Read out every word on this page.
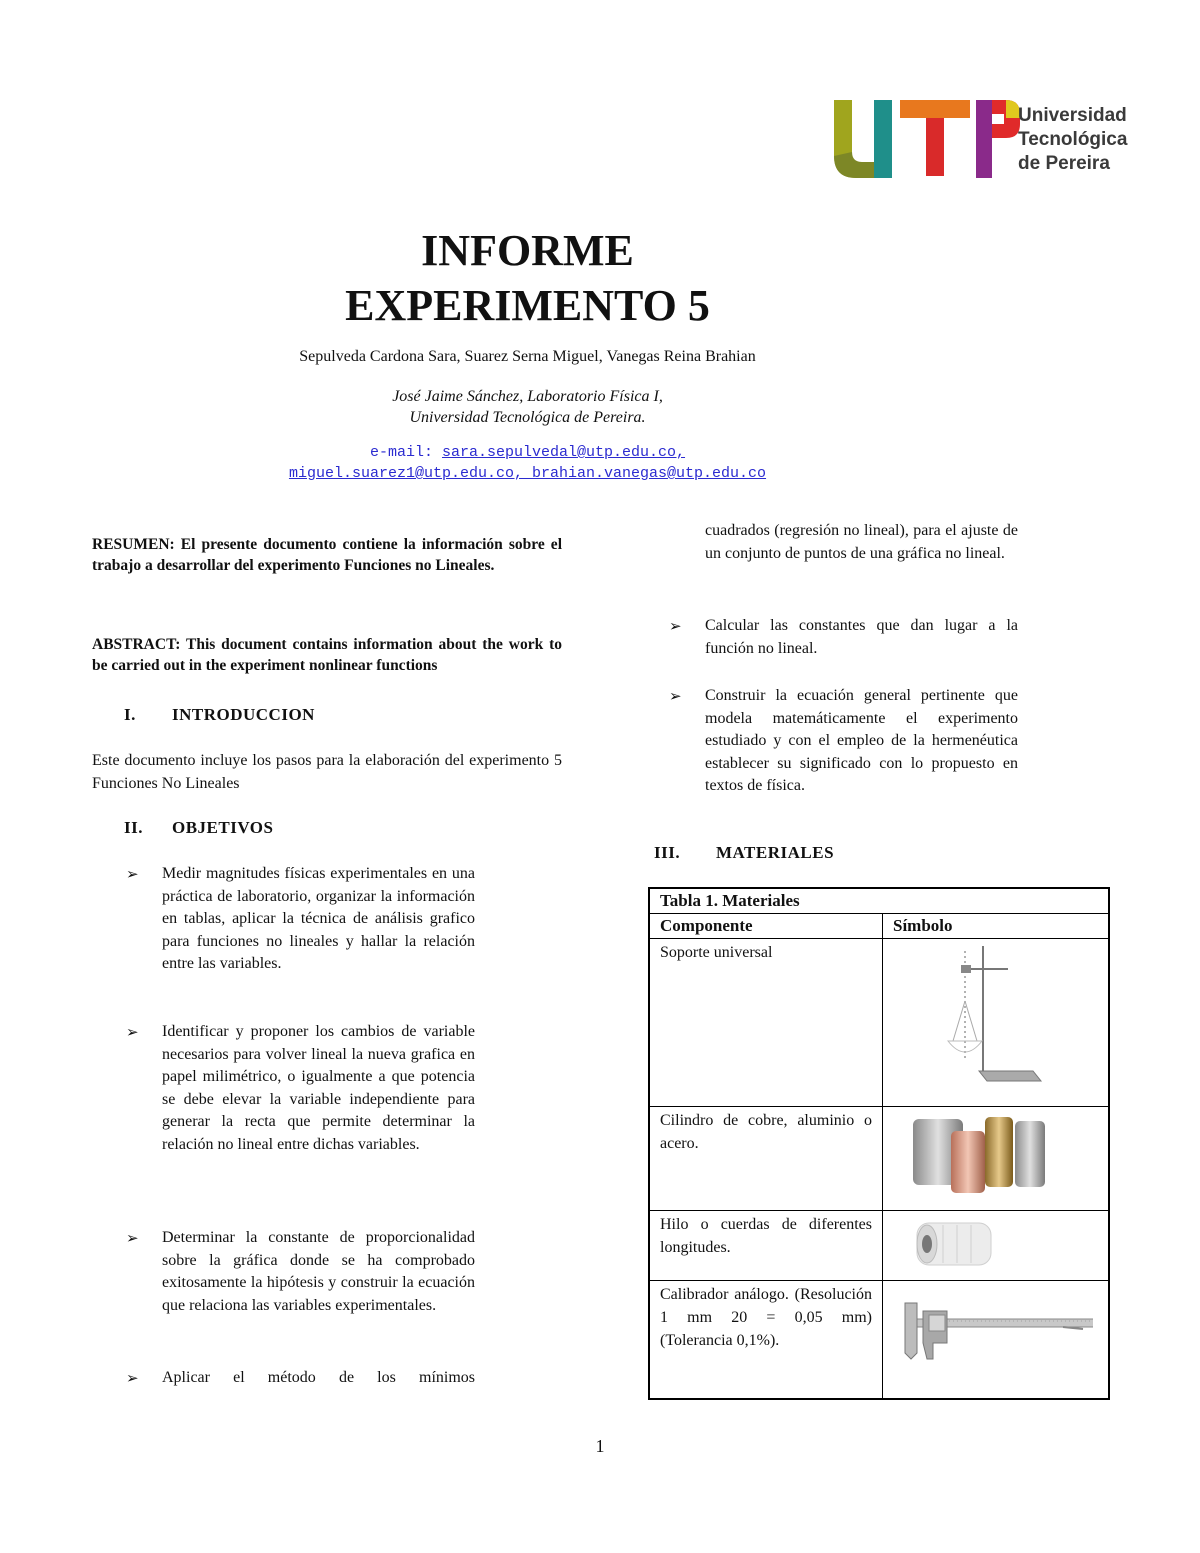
Universidad
Tecnológica
de Pereira
INFORME
EXPERIMENTO 5
Sepulveda Cardona Sara, Suarez Serna Miguel, Vanegas Reina Brahian
José Jaime Sánchez, Laboratorio Física I,
Universidad Tecnológica de Pereira.
e-mail: sara.sepulvedal@utp.edu.co,
miguel.suarez1@utp.edu.co, brahian.vanegas@utp.edu.co
RESUMEN: El presente documento contiene la información sobre el trabajo a desarrollar del experimento Funciones no Lineales.
ABSTRACT: This document contains information about the work to be carried out in the experiment nonlinear functions
I. INTRODUCCION
Este documento incluye los pasos para la elaboración del experimento 5 Funciones No Lineales
II. OBJETIVOS
➢ Medir magnitudes físicas experimentales en una práctica de laboratorio, organizar la información en tablas, aplicar la técnica de análisis grafico para funciones no lineales y hallar la relación entre las variables.
➢ Identificar y proponer los cambios de variable necesarios para volver lineal la nueva grafica en papel milimétrico, o igualmente a que potencia se debe elevar la variable independiente para generar la recta que permite determinar la relación no lineal entre dichas variables.
➢ Determinar la constante de proporcionalidad sobre la gráfica donde se ha comprobado exitosamente la hipótesis y construir la ecuación que relaciona las variables experimentales.
➢ Aplicar el método de los mínimos
cuadrados (regresión no lineal), para el ajuste de un conjunto de puntos de una gráfica no lineal.
➢ Calcular las constantes que dan lugar a la función no lineal.
➢ Construir la ecuación general pertinente que modela matemáticamente el experimento estudiado y con el empleo de la hermenéutica establecer su significado con lo propuesto en textos de física.
III. MATERIALES
Tabla 1. Materiales	
Componente	Símbolo
Soporte universal	
Cilindro de cobre, aluminio o acero.	
Hilo o cuerdas de diferentes longitudes.	
Calibrador análogo. (Resolución 1 mm 20 = 0,05 mm) (Tolerancia 0,1%).	
1
